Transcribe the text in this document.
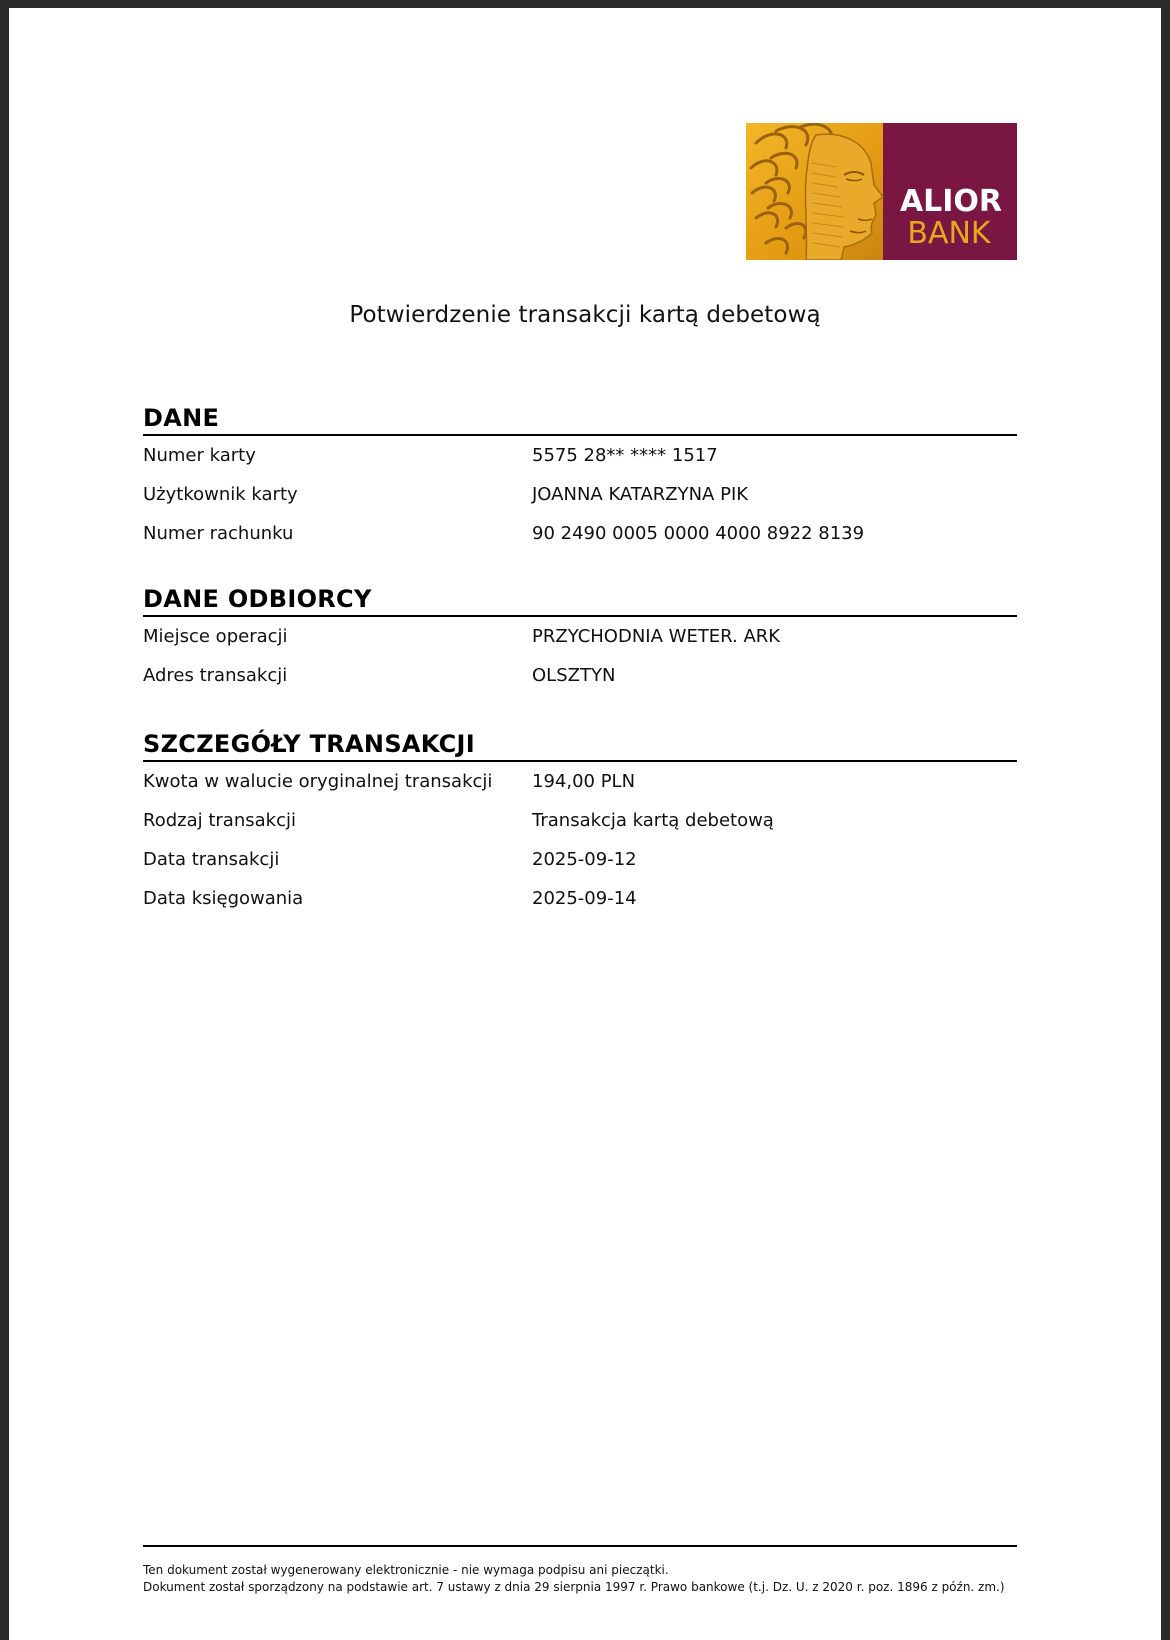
ALIOR
BANK
Potwierdzenie transakcji kartą debetową
DANE
Numer karty	5575 28** **** 1517
Użytkownik karty	JOANNA KATARZYNA PIK
Numer rachunku	90 2490 0005 0000 4000 8922 8139
DANE ODBIORCY
Miejsce operacji	PRZYCHODNIA WETER. ARK
Adres transakcji	OLSZTYN
SZCZEGÓŁY TRANSAKCJI
Kwota w walucie oryginalnej transakcji 194,00 PLN
Rodzaj transakcji	Transakcja kartą debetową
Data transakcji	2025-09-12
Data księgowania	2025-09-14
Ten dokument został wygenerowany elektronicznie - nie wymaga podpisu ani pieczątki.
Dokument został sporządzony na podstawie art. 7 ustawy z dnia 29 sierpnia 1997 r. Prawo bankowe (t.j. Dz. U. z 2020 r. poz. 1896 z późn. zm.)
